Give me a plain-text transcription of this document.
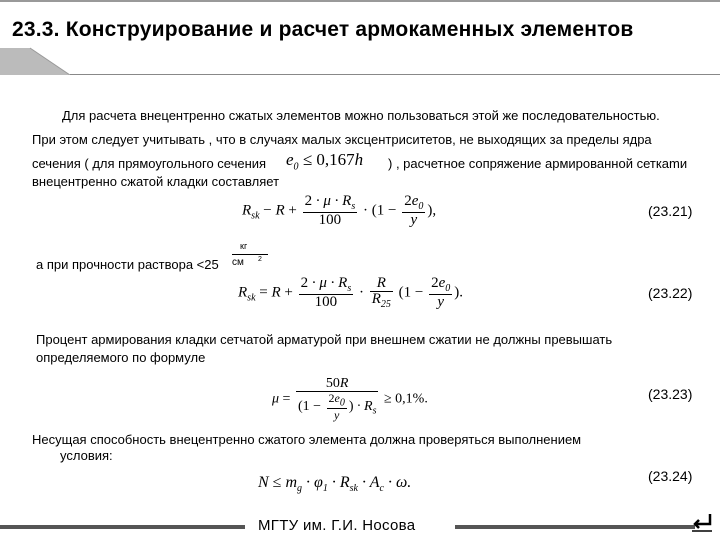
23.3. Конструирование и расчет армокаменных элементов
Для расчета внецентренно сжатых элементов можно пользоваться этой же последовательностью.
При этом следует учитывать , что в случаях малых эксцентриситетов, не выходящих за пределы ядра
сечения ( для прямоугольного сечения $e_0 \le 0,167h$ ) , расчетное сопряжение армированной сеткаmи
внецентренно сжатой кладки составляет
$R_{sk} - R + \frac{2 \cdot \mu \cdot R_s}{100} \cdot (1 - \frac{2e_0}{y}$ ),	(23.21)
а при прочности раствора <25
кг
см 2
$R_{sk} = R + \frac{2 \cdot \mu \cdot R_s}{100} \cdot \frac{R}{R_{25}} (1 - \frac{2e_0}{y}$ ).	(23.22)
Процент армирования кладки сетчатой арматурой при внешнем сжатии не должны превышать
определяемого по формуле
$\mu = \frac{50R}{(1 - \frac{2e_0}{y} ) \cdot R_s} \ge 0,1\%$.	(23.23)
Несущая способность внецентренно сжатого элемента должна проверяться выполнением
условия:
$N \le m_g \cdot \varphi_1 \cdot R_{sk} \cdot A_c \cdot \omega$.	(23.24)
МГТУ им. Г.И. Носова
